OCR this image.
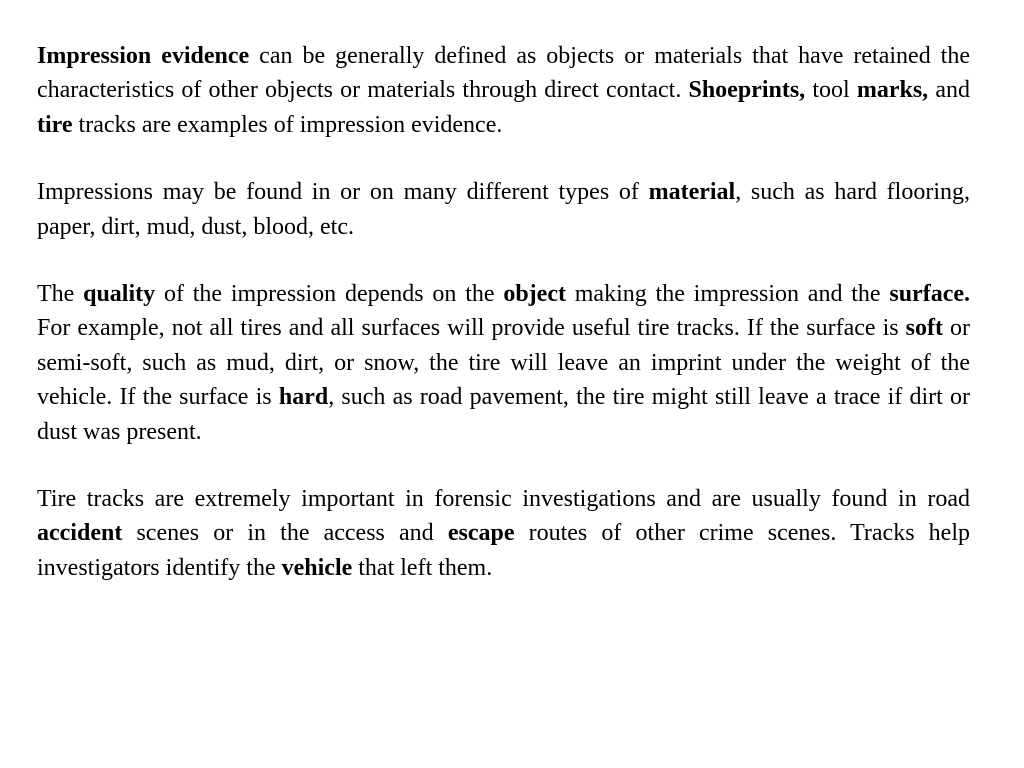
Impression evidence can be generally defined as objects or materials that have retained the characteristics of other objects or materials through direct contact. Shoeprints, tool marks, and tire tracks are examples of impression evidence.

Impressions may be found in or on many different types of material, such as hard flooring, paper, dirt, mud, dust, blood, etc.

The quality of the impression depends on the object making the impression and the surface. For example, not all tires and all surfaces will provide useful tire tracks. If the surface is soft or semi-soft, such as mud, dirt, or snow, the tire will leave an imprint under the weight of the vehicle. If the surface is hard, such as road pavement, the tire might still leave a trace if dirt or dust was present.

Tire tracks are extremely important in forensic investigations and are usually found in road accident scenes or in the access and escape routes of other crime scenes. Tracks help investigators identify the vehicle that left them.
